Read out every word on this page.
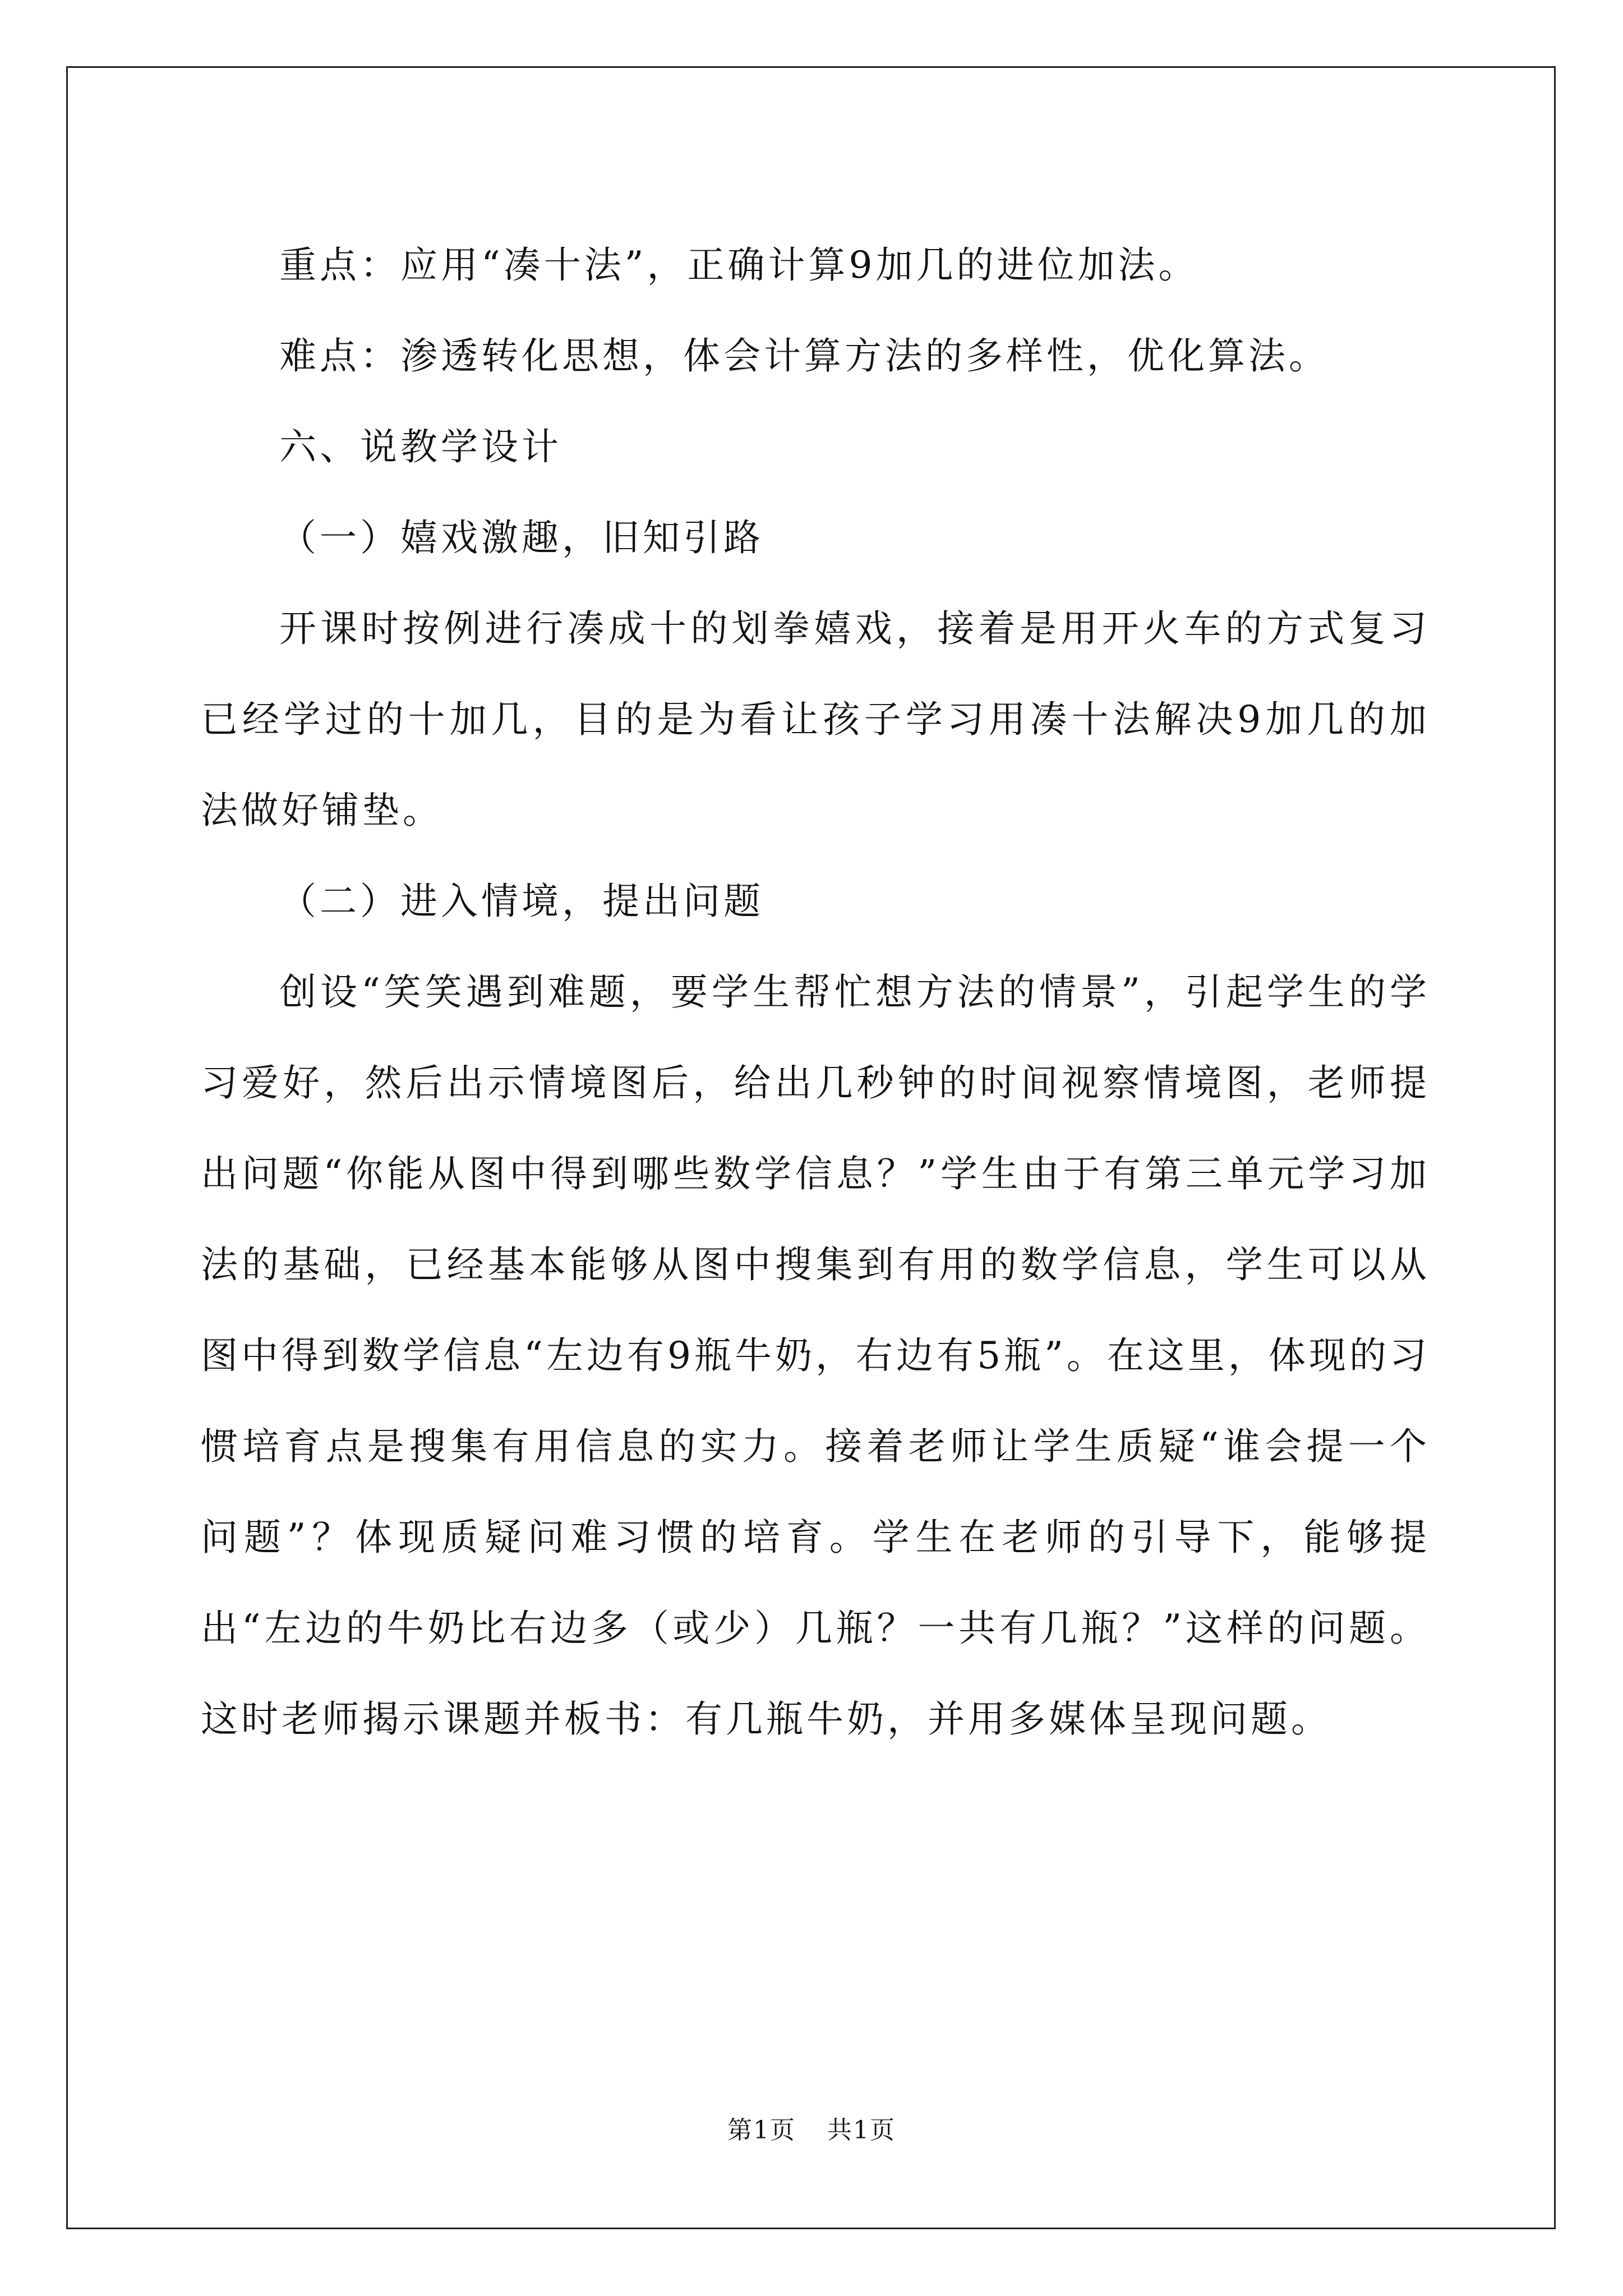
重点：应用“凑十法”，正确计算9加几的进位加法。

难点：渗透转化思想，体会计算方法的多样性，优化算法。

六、说教学设计

（一）嬉戏激趣，旧知引路

开课时按例进行凑成十的划拳嬉戏，接着是用开火车的方式复习已经学过的十加几，目的是为看让孩子学习用凑十法解决9加几的加法做好铺垫。

（二）进入情境，提出问题

创设“笑笑遇到难题，要学生帮忙想方法的情景”，引起学生的学习爱好，然后出示情境图后，给出几秒钟的时间视察情境图，老师提出问题“你能从图中得到哪些数学信息？”学生由于有第三单元学习加法的基础，已经基本能够从图中搜集到有用的数学信息，学生可以从图中得到数学信息“左边有9瓶牛奶，右边有5瓶”。在这里，体现的习惯培育点是搜集有用信息的实力。接着老师让学生质疑“谁会提一个问题”？体现质疑问难习惯的培育。学生在老师的引导下，能够提出“左边的牛奶比右边多（或少）几瓶？一共有几瓶？”这样的问题。这时老师揭示课题并板书：有几瓶牛奶，并用多媒体呈现问题。

第1页 共1页
